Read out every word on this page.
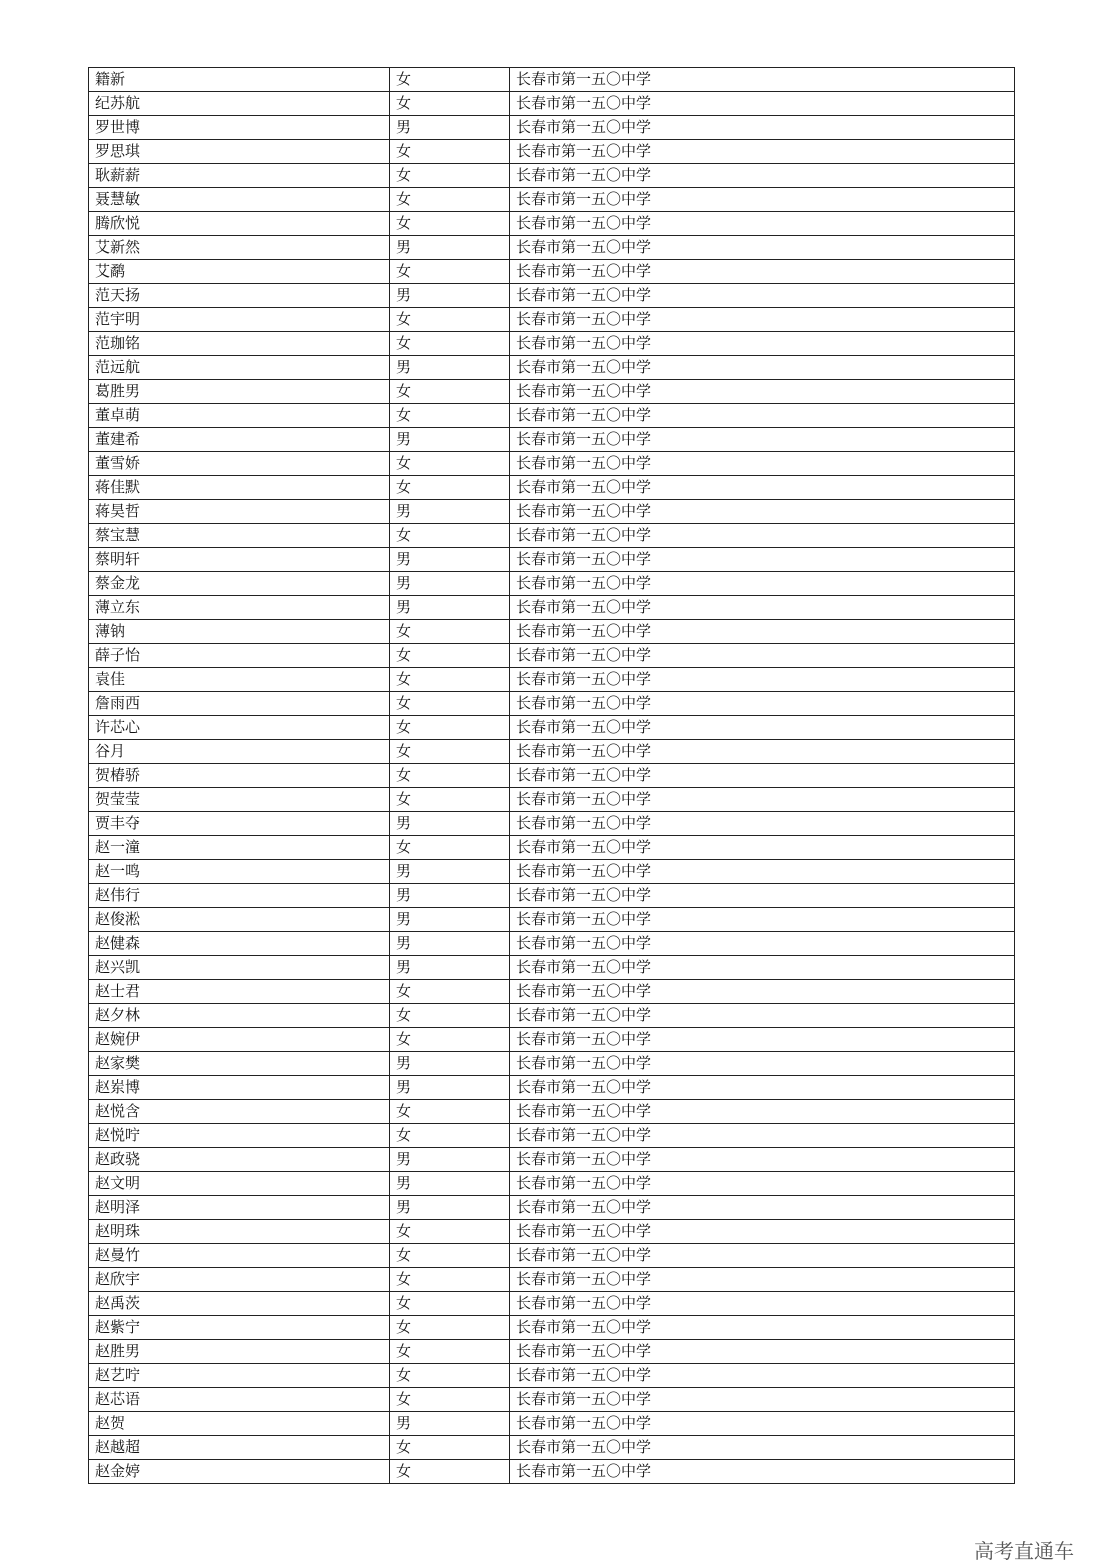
籍新	女	长春市第一五〇中学
纪苏航	女	长春市第一五〇中学
罗世博	男	长春市第一五〇中学
罗思琪	女	长春市第一五〇中学
耿薪薪	女	长春市第一五〇中学
聂慧敏	女	长春市第一五〇中学
腾欣悦	女	长春市第一五〇中学
艾新然	男	长春市第一五〇中学
艾鹬	女	长春市第一五〇中学
范天扬	男	长春市第一五〇中学
范宇明	女	长春市第一五〇中学
范珈铭	女	长春市第一五〇中学
范远航	男	长春市第一五〇中学
葛胜男	女	长春市第一五〇中学
董卓萌	女	长春市第一五〇中学
董建希	男	长春市第一五〇中学
董雪娇	女	长春市第一五〇中学
蒋佳默	女	长春市第一五〇中学
蒋昊哲	男	长春市第一五〇中学
蔡宝慧	女	长春市第一五〇中学
蔡明轩	男	长春市第一五〇中学
蔡金龙	男	长春市第一五〇中学
薄立东	男	长春市第一五〇中学
薄钠	女	长春市第一五〇中学
薛子怡	女	长春市第一五〇中学
袁佳	女	长春市第一五〇中学
詹雨西	女	长春市第一五〇中学
许芯心	女	长春市第一五〇中学
谷月	女	长春市第一五〇中学
贺椿骄	女	长春市第一五〇中学
贺莹莹	女	长春市第一五〇中学
贾丰夺	男	长春市第一五〇中学
赵一潼	女	长春市第一五〇中学
赵一鸣	男	长春市第一五〇中学
赵伟行	男	长春市第一五〇中学
赵俊淞	男	长春市第一五〇中学
赵健森	男	长春市第一五〇中学
赵兴凯	男	长春市第一五〇中学
赵士君	女	长春市第一五〇中学
赵夕林	女	长春市第一五〇中学
赵婉伊	女	长春市第一五〇中学
赵家樊	男	长春市第一五〇中学
赵岽博	男	长春市第一五〇中学
赵悦含	女	长春市第一五〇中学
赵悦咛	女	长春市第一五〇中学
赵政骁	男	长春市第一五〇中学
赵文明	男	长春市第一五〇中学
赵明泽	男	长春市第一五〇中学
赵明珠	女	长春市第一五〇中学
赵曼竹	女	长春市第一五〇中学
赵欣宇	女	长春市第一五〇中学
赵禹茨	女	长春市第一五〇中学
赵紫宁	女	长春市第一五〇中学
赵胜男	女	长春市第一五〇中学
赵艺咛	女	长春市第一五〇中学
赵芯语	女	长春市第一五〇中学
赵贺	男	长春市第一五〇中学
赵越超	女	长春市第一五〇中学
赵金婷	女	长春市第一五〇中学
高考直通车
